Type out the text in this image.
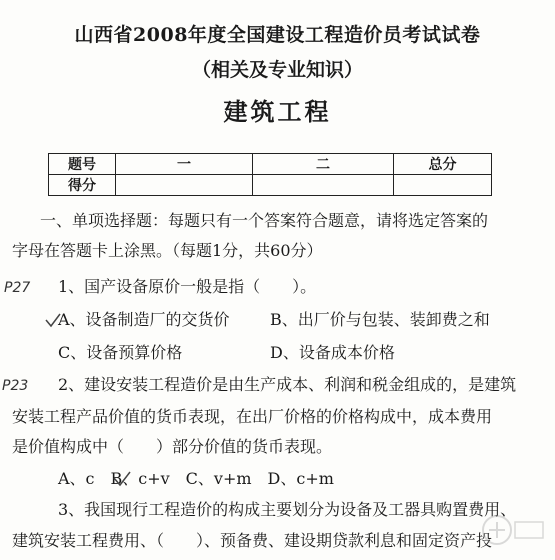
山西省2008年度全国建设工程造价员考试试卷
（相关及专业知识）
建筑工程
题号	一	二	总分
得分			
一、单项选择题：每题只有一个答案符合题意，请将选定答案的
字母在答题卡上涂黑。（每题1分，共60分）
P27 1、国产设备原价一般是指（　　）。
A、设备制造厂的交货价	B、出厂价与包装、装卸费之和
C、设备预算价格	D、设备成本价格
P23 2、建设安装工程造价是由生产成本、利润和税金组成的，是建筑
安装工程产品价值的货币表现，在出厂价格的价格构成中，成本费用
是价值构成中（　　）部分价值的货币表现。
A、c　B、c+v　C、v+m　D、c+m
3、我国现行工程造价的构成主要划分为设备及工器具购置费用、
建筑安装工程费用、（　　）、预备费、建设期贷款利息和固定资产投
